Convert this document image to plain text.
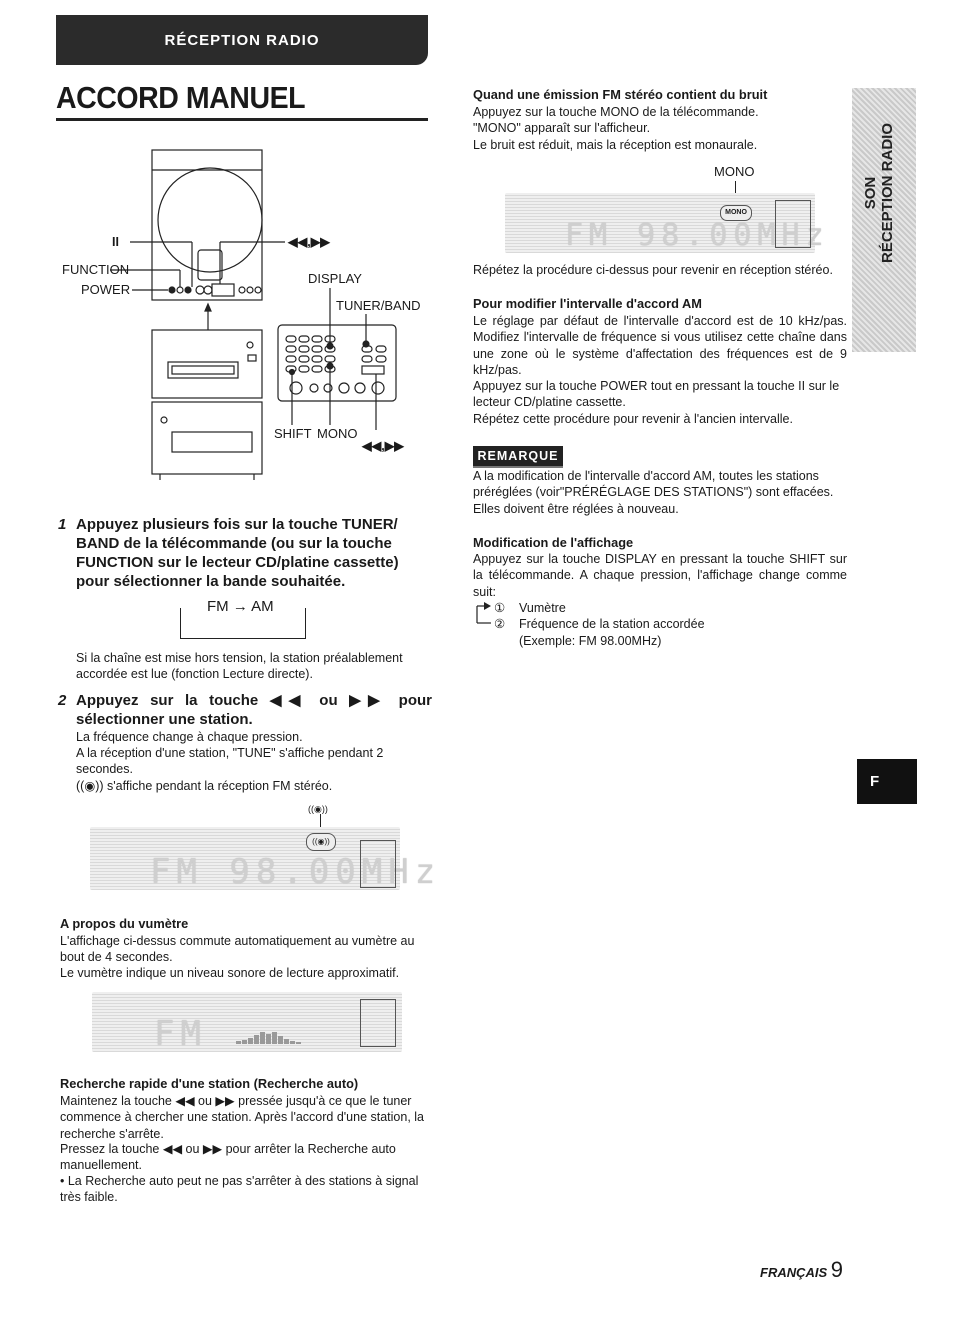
RÉCEPTION RADIO
ACCORD MANUEL
II	◀◀,▶▶
FUNCTION
POWER
DISPLAY
TUNER/BAND
SHIFT MONO
◀◀,▶▶
1 Appuyez plusieurs fois sur la touche TUNER/ BAND de la télécommande (ou sur la touche FUNCTION sur le lecteur CD/platine cassette) pour sélectionner la bande souhaitée.
FM → AM

Si la chaîne est mise hors tension, la station préalablement accordée est lue (fonction Lecture directe).

2 Appuyez sur la touche ◀◀ ou ▶▶ pour
sélectionner une station.

La fréquence change à chaque pression.

A la réception d'une station, "TUNE" s'affiche pendant 2 secondes.

((◉)) s'affiche pendant la réception FM stéréo.

((◉))
((◉))
FM 98.00MHz
A propos du vumètre

L'affichage ci-dessus commute automatiquement au vumètre au bout de 4 secondes.

Le vumètre indique un niveau sonore de lecture approximatif.

FM
Recherche rapide d'une station (Recherche auto)

Maintenez la touche ◀◀ ou ▶▶ pressée jusqu'à ce que le tuner commence à chercher une station. Après l'accord d'une station, la recherche s'arrête.

Pressez la touche ◀◀ ou ▶▶ pour arrêter la Recherche auto manuellement.

• La Recherche auto peut ne pas s'arrêter à des stations à signal très faible.

Quand une émission FM stéréo contient du bruit

Appuyez sur la touche MONO de la télécommande.

"MONO" apparaît sur l'afficheur.

Le bruit est réduit, mais la réception est monaurale.

MONO
MONO
FM 98.00MHz

Répétez la procédure ci-dessus pour revenir en réception stéréo.

Pour modifier l'intervalle d'accord AM

Le réglage par défaut de l'intervalle d'accord est de 10 kHz/pas. Modifiez l'intervalle de fréquence si vous utilisez cette chaîne dans une zone où le système d'affectation des fréquences est de 9 kHz/pas.

Appuyez sur la touche POWER tout en pressant la touche II sur le lecteur CD/platine cassette.

Répétez cette procédure pour revenir à l'ancien intervalle.

REMARQUE

A la modification de l'intervalle d'accord AM, toutes les stations préréglées (voir"PRÉRÉGLAGE DES STATIONS") sont effacées. Elles doivent être réglées à nouveau.

Modification de l'affichage

Appuyez sur la touche DISPLAY en pressant la touche SHIFT sur la télécommande. A chaque pression, l'affichage change comme suit:

① Vumètre
② Fréquence de la station accordée
(Exemple: FM 98.00MHz)
SON RÉCEPTION RADIO
F
FRANÇAIS 9
